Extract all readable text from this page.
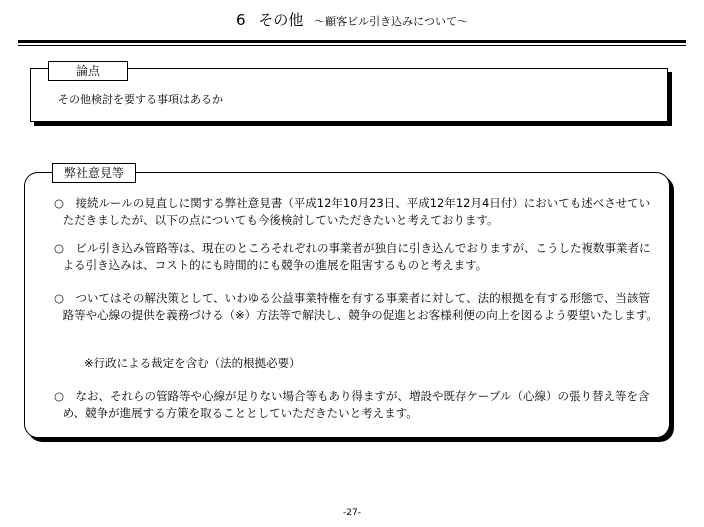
6 その他 ～顧客ビル引き込みについて～
論点
その他検討を要する事項はあるか
弊社意見等
○　接続ルールの見直しに関する弊社意見書（平成12年10月23日、平成12年12月4日付）においても述べさせていただきましたが、以下の点についても今後検討していただきたいと考えております。
○　ビル引き込み管路等は、現在のところそれぞれの事業者が独自に引き込んでおりますが、こうした複数事業者による引き込みは、コスト的にも時間的にも競争の進展を阻害するものと考えます。
○　ついてはその解決策として、いわゆる公益事業特権を有する事業者に対して、法的根拠を有する形態で、当該管路等や心線の提供を義務づける（※）方法等で解決し、競争の促進とお客様利便の向上を図るよう要望いたします。
※行政による裁定を含む（法的根拠必要）
○　なお、それらの管路等や心線が足りない場合等もあり得ますが、増設や既存ケーブル（心線）の張り替え等を含め、競争が進展する方策を取ることとしていただきたいと考えます。
-27-
